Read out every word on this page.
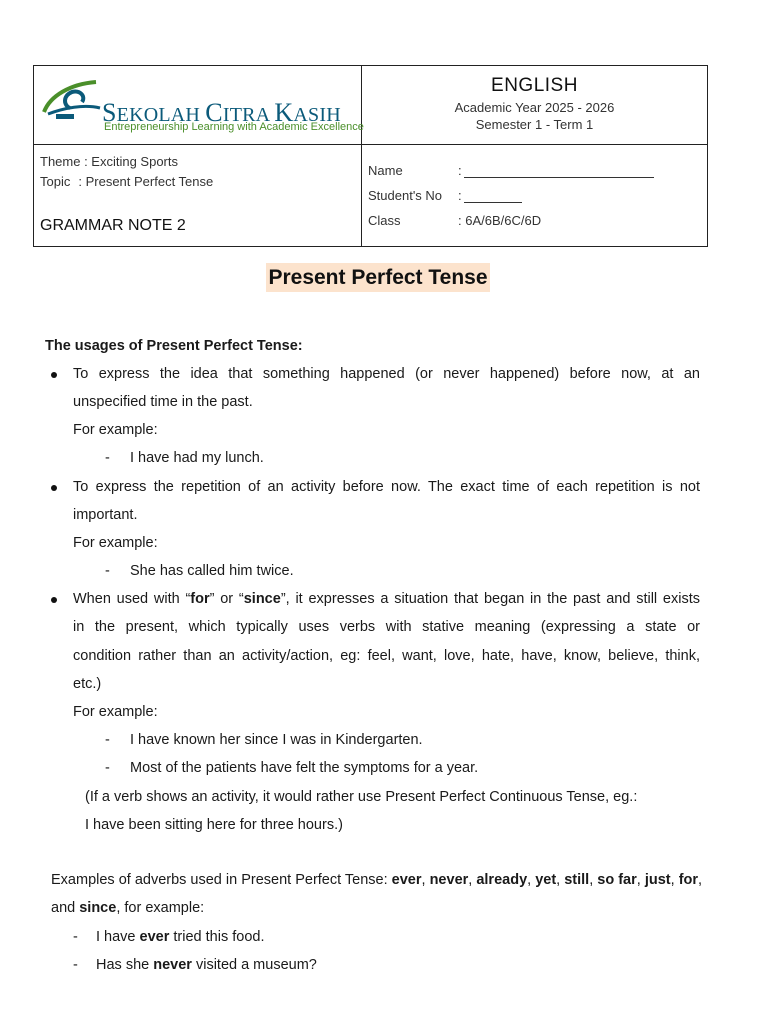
SEKOLAH CITRA KASIH
Entrepreneurship Learning with Academic Excellence
ENGLISH
Academic Year 2025 - 2026
Semester 1 - Term 1
Theme : Exciting Sports
Topic : Present Perfect Tense
GRAMMAR NOTE 2
Name	:
Student's No :
Class	: 6A/6B/6C/6D
Present Perfect Tense
The usages of Present Perfect Tense:
To express the idea that something happened (or never happened) before now, at an
unspecified time in the past.
For example:
- I have had my lunch.
To express the repetition of an activity before now. The exact time of each repetition is not
important.
For example:
- She has called him twice.
When used with “for” or “since”, it expresses a situation that began in the past and still exists
in the present, which typically uses verbs with stative meaning (expressing a state or
condition rather than an activity/action, eg: feel, want, love, hate, have, know, believe, think,
etc.)
For example:
- I have known her since I was in Kindergarten.
- Most of the patients have felt the symptoms for a year.
(If a verb shows an activity, it would rather use Present Perfect Continuous Tense, eg.:
I have been sitting here for three hours.)
Examples of adverbs used in Present Perfect Tense: ever, never, already, yet, still, so far, just, for,
and since, for example:
- I have ever tried this food.
- Has she never visited a museum?
